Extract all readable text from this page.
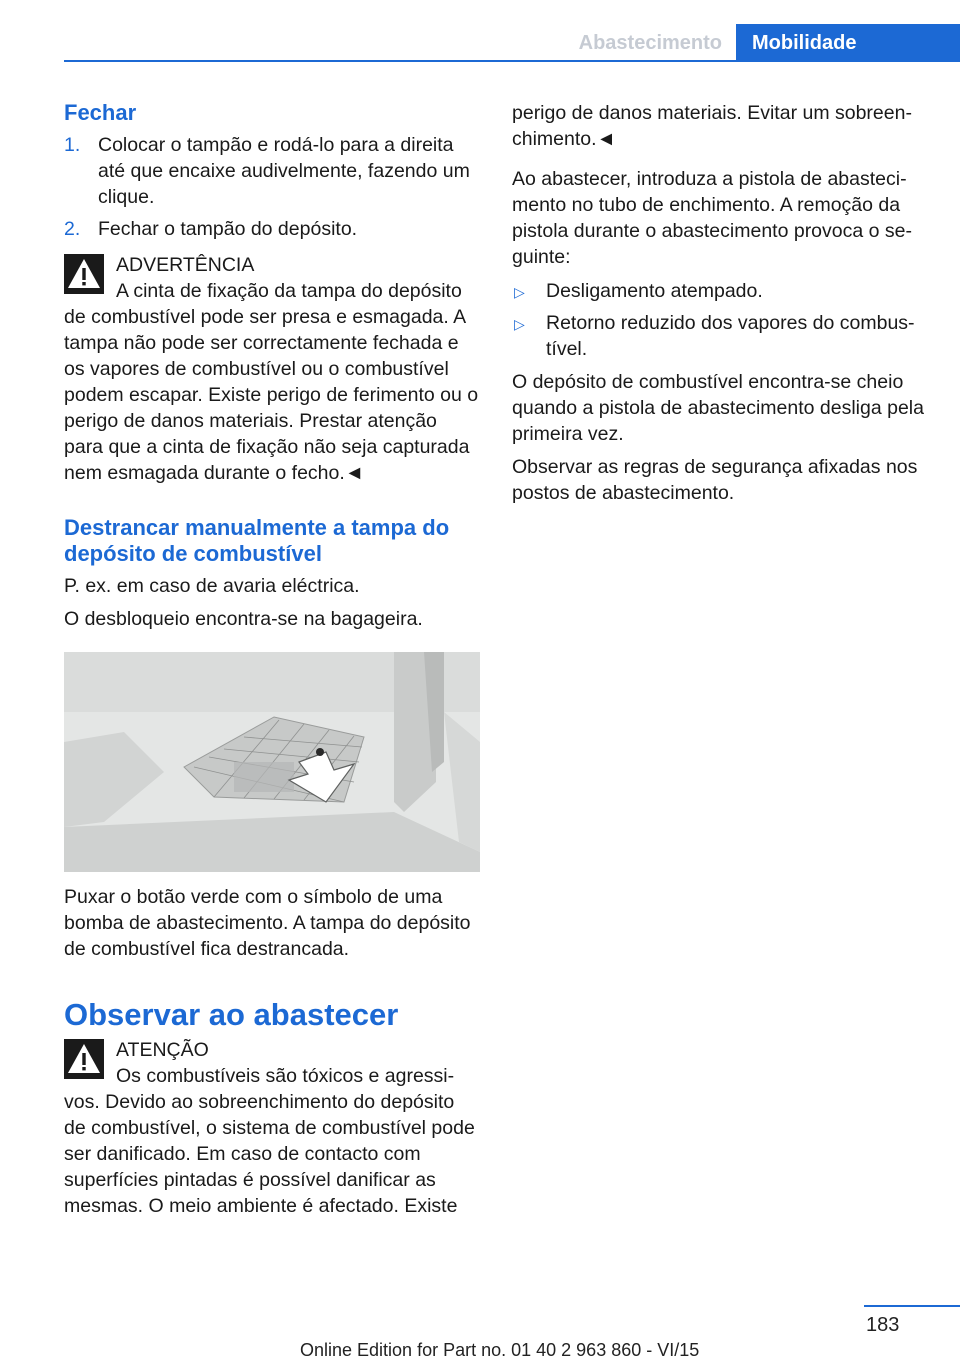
Abastecimento	Mobilidade
Fechar
1. Colocar o tampão e rodá-lo para a direita até que encaixe audivelmente, fazendo um clique.
2. Fechar o tampão do depósito.
ADVERTÊNCIA
A cinta de fixação da tampa do depósito de combustível pode ser presa e esmagada. A tampa não pode ser correctamente fechada e os vapores de combustível ou o combustível podem escapar. Existe perigo de ferimento ou o perigo de danos materiais. Prestar atenção para que a cinta de fixação não seja capturada nem esmagada durante o fecho.◄
Destrancar manualmente a tampa do depósito de combustível

P. ex. em caso de avaria eléctrica.

O desbloqueio encontra-se na bagageira.

Puxar o botão verde com o símbolo de uma bomba de abastecimento. A tampa do depósito de combustível fica destrancada.

Observar ao abastecer
ATENÇÃO
Os combustíveis são tóxicos e agressivos. Devido ao sobreenchimento do depósito de combustível, o sistema de combustível pode ser danificado. Em caso de contacto com superfícies pintadas é possível danificar as mesmas. O meio ambiente é afectado. Existe

perigo de danos materiais. Evitar um sobreenchimento.◄

Ao abastecer, introduza a pistola de abastecimento no tubo de enchimento. A remoção da pistola durante o abastecimento provoca o seguinte:

▷ Desligamento atempado.
▷ Retorno reduzido dos vapores do combustível.

O depósito de combustível encontra-se cheio quando a pistola de abastecimento desliga pela primeira vez.

Observar as regras de segurança afixadas nos postos de abastecimento.

183
Online Edition for Part no. 01 40 2 963 860 - VI/15
